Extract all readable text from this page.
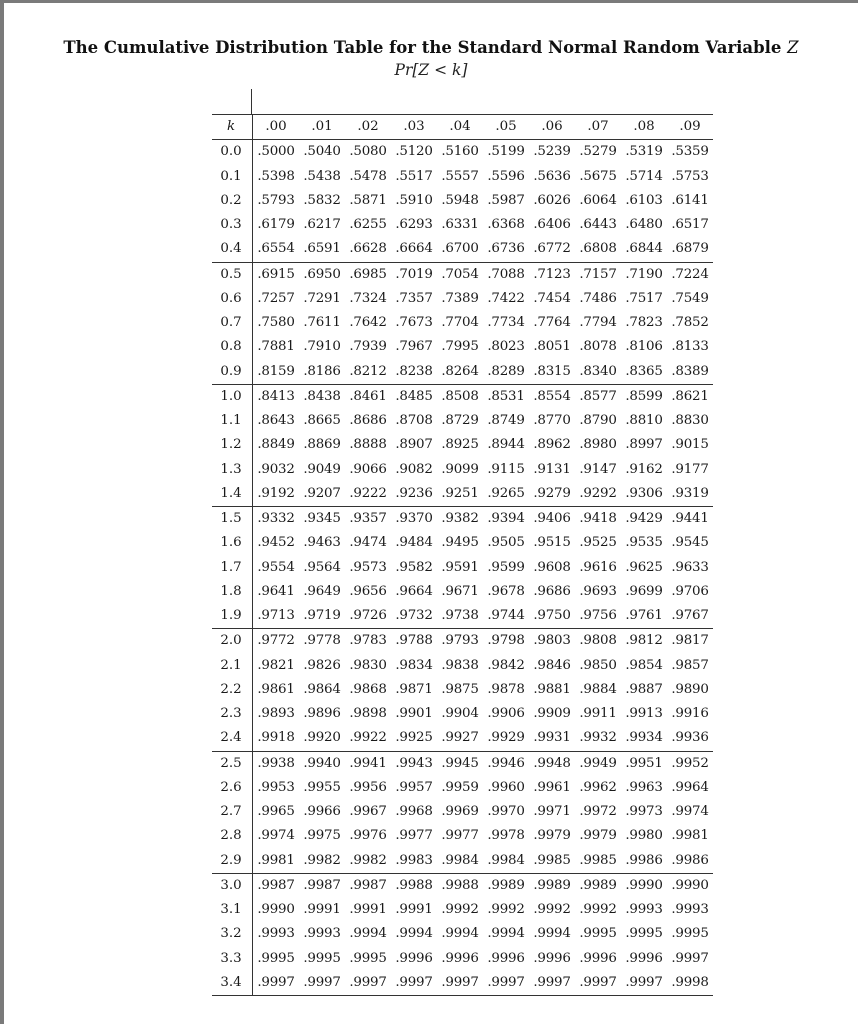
The Cumulative Distribution Table for the Standard Normal Random Variable Z
Pr[Z < k]
k	.00	.01	.02	.03	.04	.05	.06	.07	.08	.09
0.0	.5000	.5040	.5080	.5120	.5160	.5199	.5239	.5279	.5319	.5359
0.1	.5398	.5438	.5478	.5517	.5557	.5596	.5636	.5675	.5714	.5753
0.2	.5793	.5832	.5871	.5910	.5948	.5987	.6026	.6064	.6103	.6141
0.3	.6179	.6217	.6255	.6293	.6331	.6368	.6406	.6443	.6480	.6517
0.4	.6554	.6591	.6628	.6664	.6700	.6736	.6772	.6808	.6844	.6879
0.5	.6915	.6950	.6985	.7019	.7054	.7088	.7123	.7157	.7190	.7224
0.6	.7257	.7291	.7324	.7357	.7389	.7422	.7454	.7486	.7517	.7549
0.7	.7580	.7611	.7642	.7673	.7704	.7734	.7764	.7794	.7823	.7852
0.8	.7881	.7910	.7939	.7967	.7995	.8023	.8051	.8078	.8106	.8133
0.9	.8159	.8186	.8212	.8238	.8264	.8289	.8315	.8340	.8365	.8389
1.0	.8413	.8438	.8461	.8485	.8508	.8531	.8554	.8577	.8599	.8621
1.1	.8643	.8665	.8686	.8708	.8729	.8749	.8770	.8790	.8810	.8830
1.2	.8849	.8869	.8888	.8907	.8925	.8944	.8962	.8980	.8997	.9015
1.3	.9032	.9049	.9066	.9082	.9099	.9115	.9131	.9147	.9162	.9177
1.4	.9192	.9207	.9222	.9236	.9251	.9265	.9279	.9292	.9306	.9319
1.5	.9332	.9345	.9357	.9370	.9382	.9394	.9406	.9418	.9429	.9441
1.6	.9452	.9463	.9474	.9484	.9495	.9505	.9515	.9525	.9535	.9545
1.7	.9554	.9564	.9573	.9582	.9591	.9599	.9608	.9616	.9625	.9633
1.8	.9641	.9649	.9656	.9664	.9671	.9678	.9686	.9693	.9699	.9706
1.9	.9713	.9719	.9726	.9732	.9738	.9744	.9750	.9756	.9761	.9767
2.0	.9772	.9778	.9783	.9788	.9793	.9798	.9803	.9808	.9812	.9817
2.1	.9821	.9826	.9830	.9834	.9838	.9842	.9846	.9850	.9854	.9857
2.2	.9861	.9864	.9868	.9871	.9875	.9878	.9881	.9884	.9887	.9890
2.3	.9893	.9896	.9898	.9901	.9904	.9906	.9909	.9911	.9913	.9916
2.4	.9918	.9920	.9922	.9925	.9927	.9929	.9931	.9932	.9934	.9936
2.5	.9938	.9940	.9941	.9943	.9945	.9946	.9948	.9949	.9951	.9952
2.6	.9953	.9955	.9956	.9957	.9959	.9960	.9961	.9962	.9963	.9964
2.7	.9965	.9966	.9967	.9968	.9969	.9970	.9971	.9972	.9973	.9974
2.8	.9974	.9975	.9976	.9977	.9977	.9978	.9979	.9979	.9980	.9981
2.9	.9981	.9982	.9982	.9983	.9984	.9984	.9985	.9985	.9986	.9986
3.0	.9987	.9987	.9987	.9988	.9988	.9989	.9989	.9989	.9990	.9990
3.1	.9990	.9991	.9991	.9991	.9992	.9992	.9992	.9992	.9993	.9993
3.2	.9993	.9993	.9994	.9994	.9994	.9994	.9994	.9995	.9995	.9995
3.3	.9995	.9995	.9995	.9996	.9996	.9996	.9996	.9996	.9996	.9997
3.4	.9997	.9997	.9997	.9997	.9997	.9997	.9997	.9997	.9997	.9998
